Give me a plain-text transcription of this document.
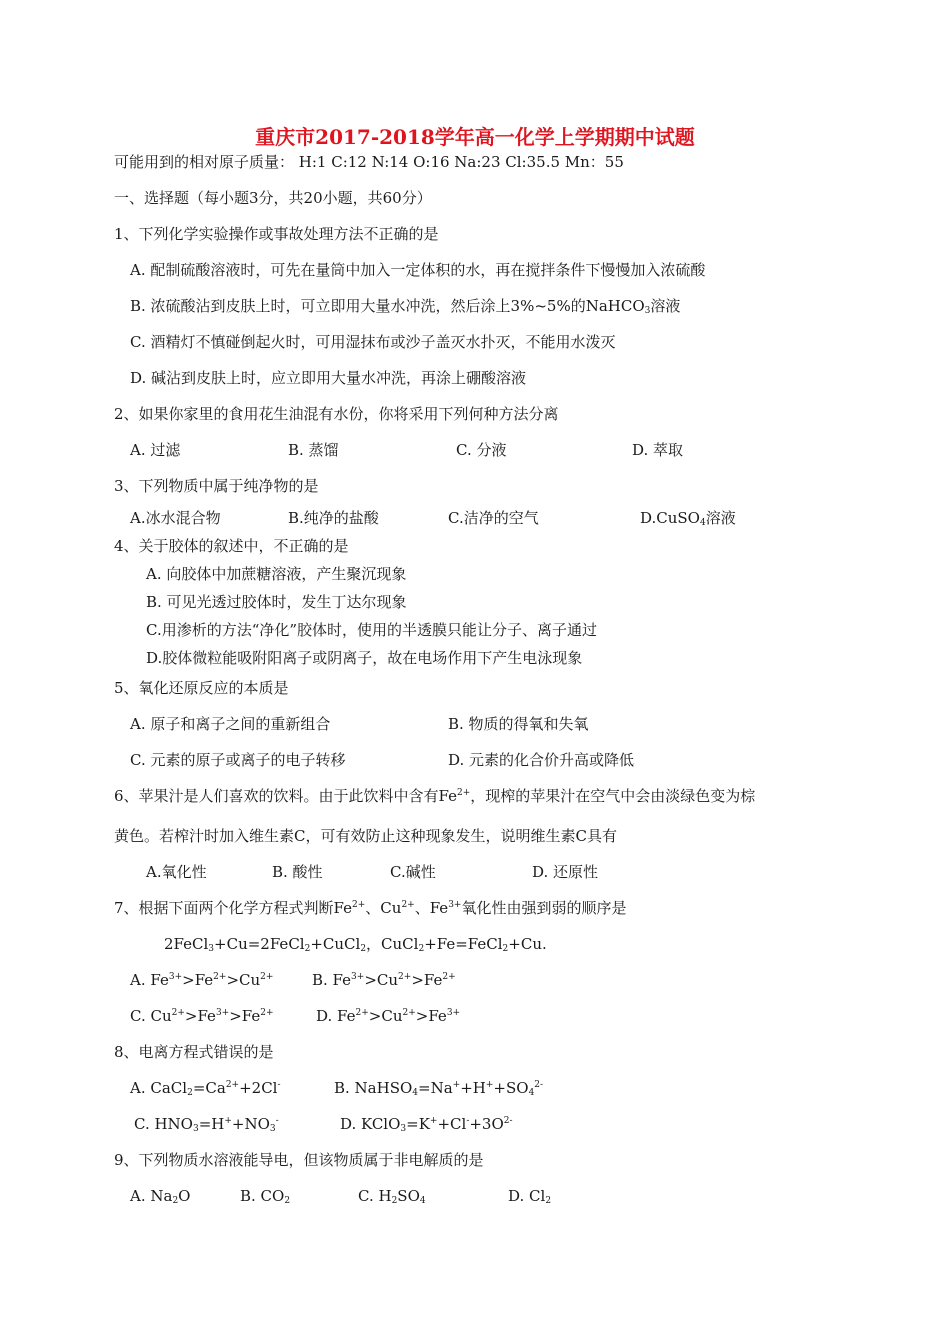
重庆市2017-2018学年高一化学上学期期中试题
可能用到的相对原子质量： H:1 C:12 N:14 O:16 Na:23 Cl:35.5 Mn：55
一、选择题（每小题3分，共20小题，共60分）
1、下列化学实验操作或事故处理方法不正确的是
A. 配制硫酸溶液时，可先在量筒中加入一定体积的水，再在搅拌条件下慢慢加入浓硫酸
B. 浓硫酸沾到皮肤上时，可立即用大量水冲洗，然后涂上3%~5%的NaHCO$_3$溶液
C. 酒精灯不慎碰倒起火时，可用湿抹布或沙子盖灭水扑灭，不能用水泼灭
D. 碱沾到皮肤上时，应立即用大量水冲洗，再涂上硼酸溶液
2、如果你家里的食用花生油混有水份，你将采用下列何种方法分离
A. 过滤	B. 蒸馏	C. 分液	D. 萃取
3、下列物质中属于纯净物的是
A.冰水混合物	B.纯净的盐酸	C.洁净的空气	D.CuSO$_4$溶液
4、关于胶体的叙述中，不正确的是
A. 向胶体中加蔗糖溶液，产生聚沉现象
B. 可见光透过胶体时，发生丁达尔现象
C.用渗析的方法“净化”胶体时，使用的半透膜只能让分子、离子通过
D.胶体微粒能吸附阳离子或阴离子，故在电场作用下产生电泳现象
5、氧化还原反应的本质是
A. 原子和离子之间的重新组合	B. 物质的得氧和失氧
C. 元素的原子或离子的电子转移	D. 元素的化合价升高或降低
6、苹果汁是人们喜欢的饮料。由于此饮料中含有$Fe^{2+}$，现榨的苹果汁在空气中会由淡绿色变为棕
黄色。若榨汁时加入维生素C，可有效防止这种现象发生，说明维生素C具有
A.氧化性	B. 酸性	C.碱性	D. 还原性
7、根据下面两个化学方程式判断$Fe^{2+}$、$Cu^{2+}$、$Fe^{3+}$氧化性由强到弱的顺序是
2FeCl$_3$+Cu=2FeCl$_2$+CuCl$_2$，CuCl$_2$+Fe=FeCl$_2$+Cu.
A. $Fe^{3+}>Fe^{2+}>Cu^{2+}$	B. $Fe^{3+}>Cu^{2+}>Fe^{2+}$
C. $Cu^{2+}>Fe^{3+}>Fe^{2+}$	D. $Fe^{2+}>Cu^{2+}>Fe^{3+}$
8、电离方程式错误的是
A. $CaCl_2=Ca^{2+}+2Cl^-$	B. $NaHSO_4=Na^++H^++SO_4^{2-}$
C. $HNO_3=H^++NO_3^-$	D. $KClO_3=K^++Cl^-+3O^{2-}$
9、下列物质水溶液能导电，但该物质属于非电解质的是
A. $Na_2O$	B. $CO_2$	C. $H_2SO_4$	D. $Cl_2$
